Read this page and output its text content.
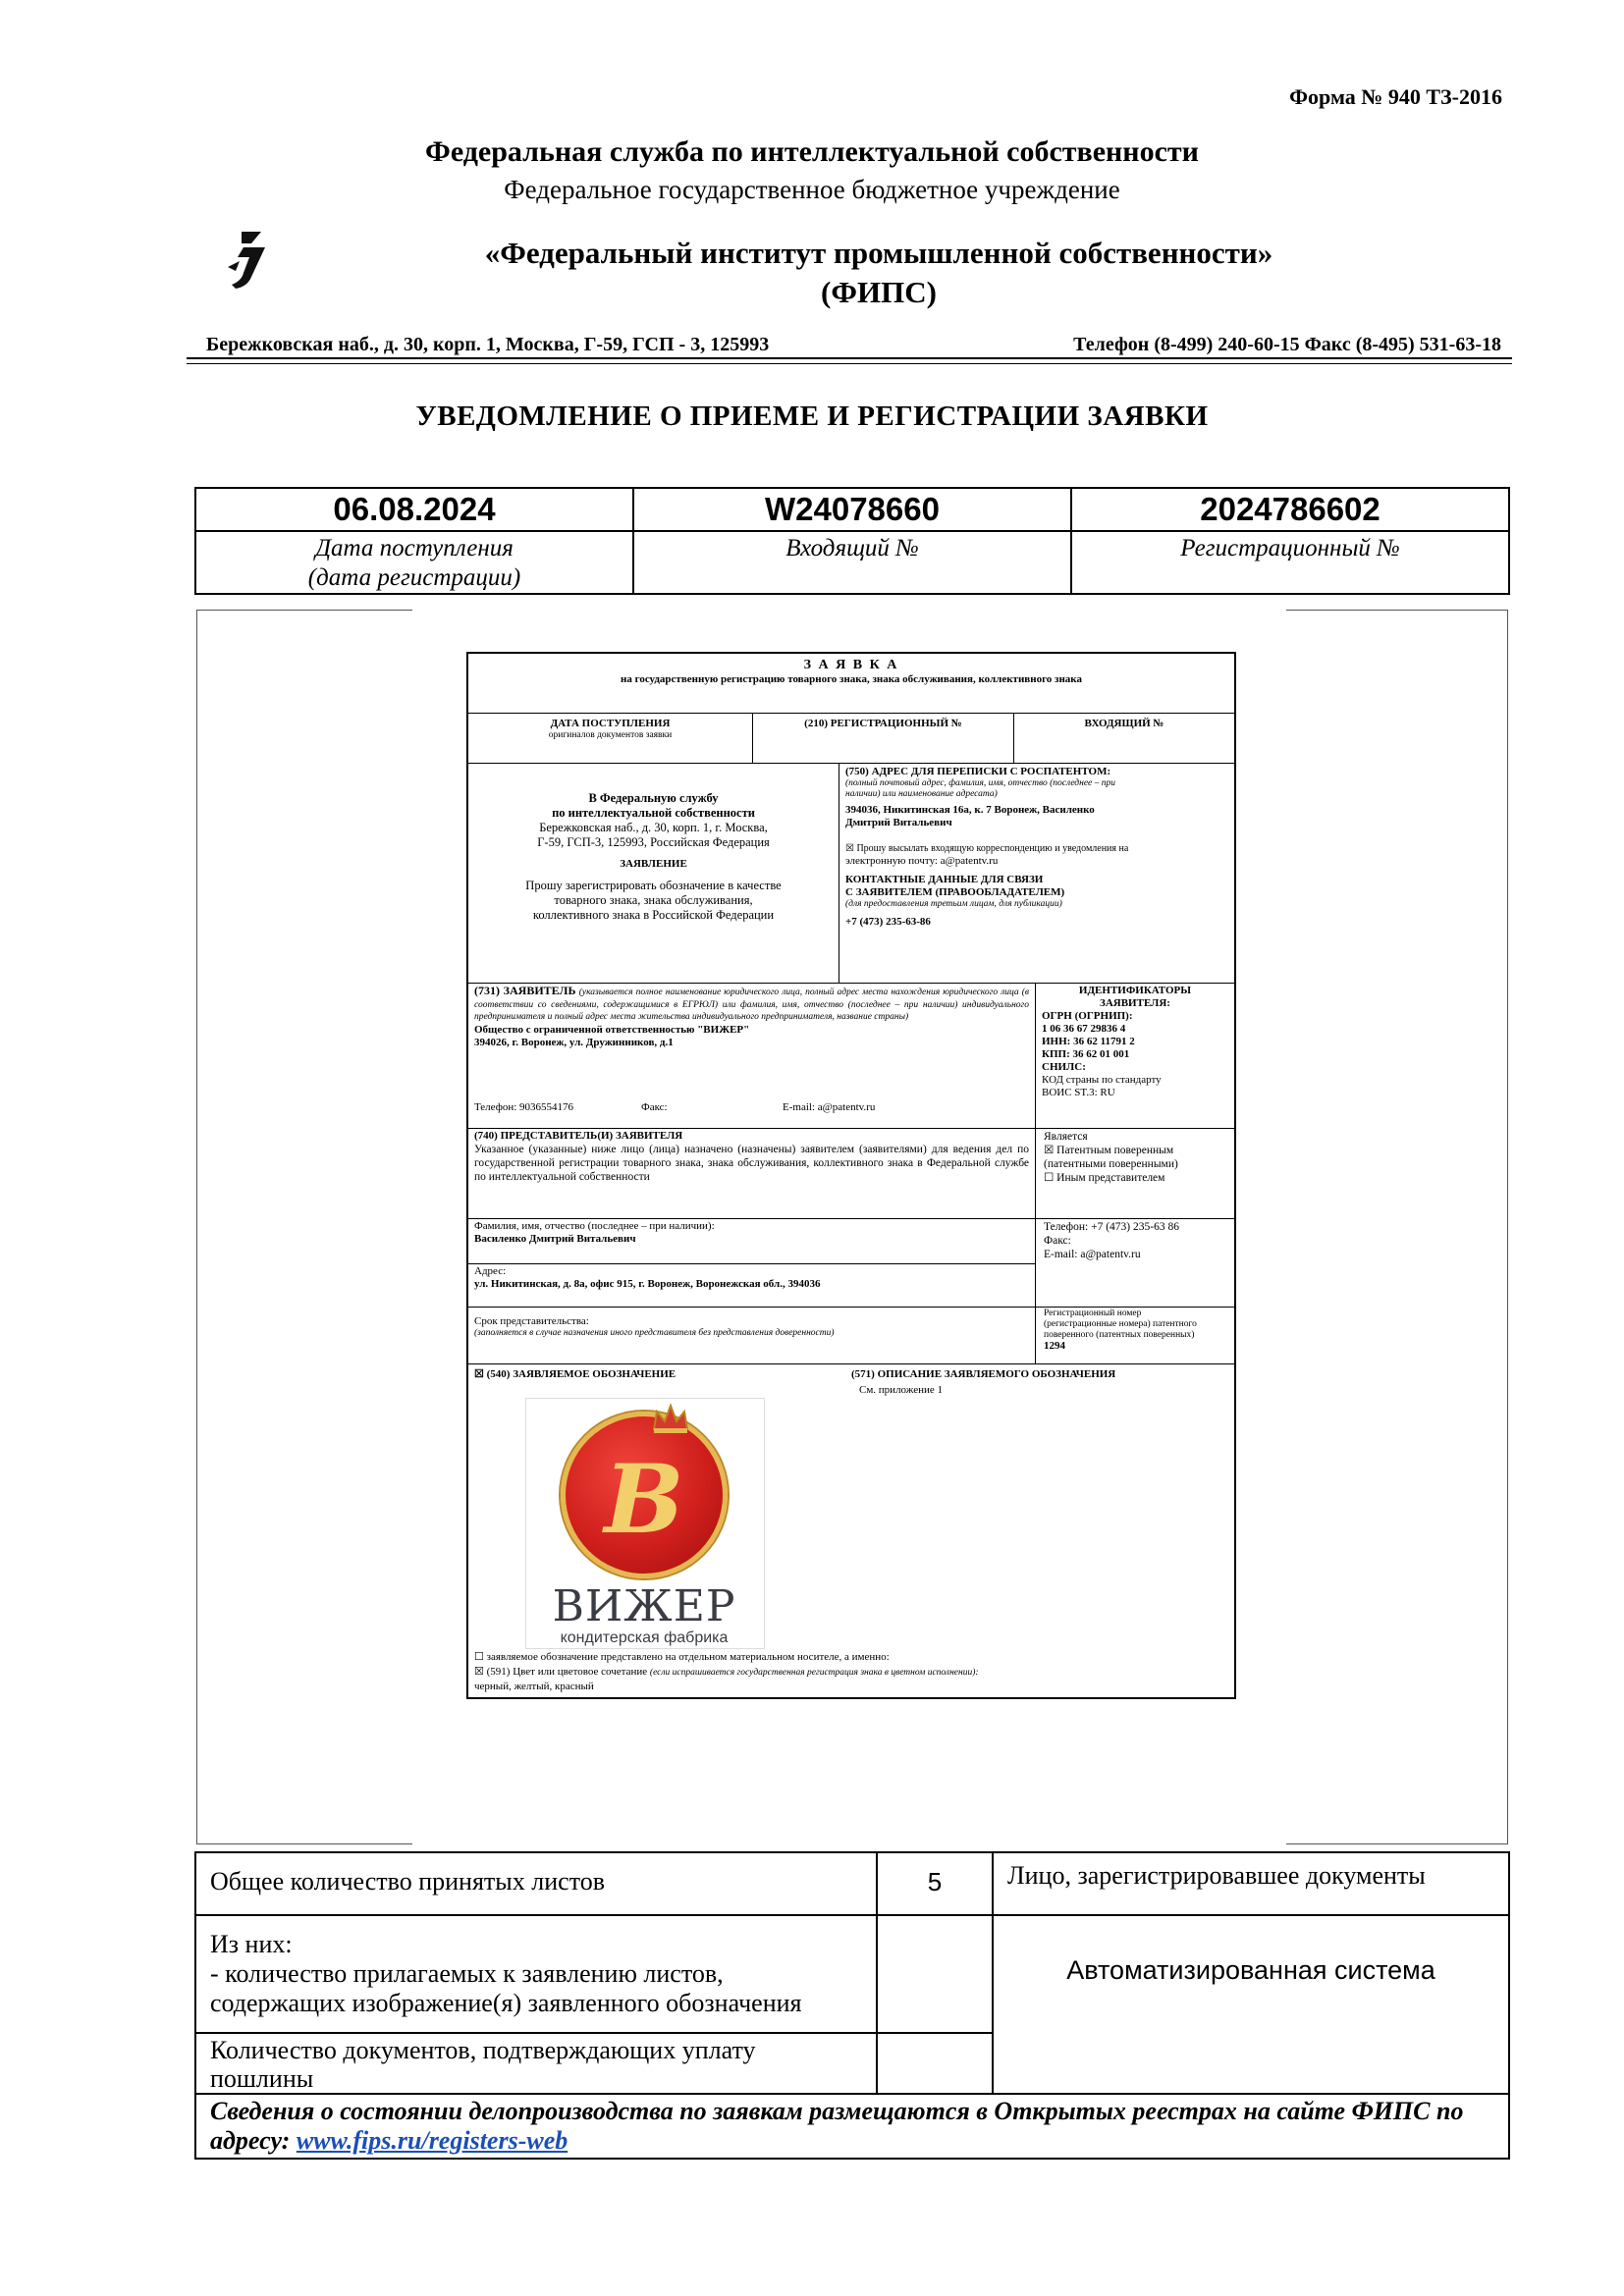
Форма № 940 ТЗ-2016
Федеральная служба по интеллектуальной собственности
Федеральное государственное бюджетное учреждение
«Федеральный институт промышленной собственности»
(ФИПС)
Бережковская наб., д. 30, корп. 1, Москва, Г-59, ГСП - 3, 125993	Телефон (8-499) 240-60-15 Факс (8-495) 531-63-18
УВЕДОМЛЕНИЕ О ПРИЕМЕ И РЕГИСТРАЦИИ ЗАЯВКИ
06.08.2024	W24078660	2024786602

Дата поступления
(дата регистрации)	Входящий №	Регистрационный №
З А Я В К А
на государственную регистрацию товарного знака, знака обслуживания, коллективного знака
ДАТА ПОСТУПЛЕНИЯ
оригиналов документов заявки
(210) РЕГИСТРАЦИОННЫЙ №	ВХОДЯЩИЙ №
В Федеральную службу
по интеллектуальной собственности
Бережковская наб., д. 30, корп. 1, г. Москва,
Г-59, ГСП-3, 125993, Российская Федерация
ЗАЯВЛЕНИЕ
Прошу зарегистрировать обозначение в качестве
товарного знака, знака обслуживания,
коллективного знака в Российской Федерации
(750) АДРЕС ДЛЯ ПЕРЕПИСКИ С РОСПАТЕНТОМ:
(полный почтовый адрес, фамилия, имя, отчество (последнее – при
наличии) или наименование адресата)
394036, Никитинская 16а, к. 7 Воронеж, Василенко
Дмитрий Витальевич
☒ Прошу высылать входящую корреспонденцию и уведомления на
электронную почту: a@patentv.ru
КОНТАКТНЫЕ ДАННЫЕ ДЛЯ СВЯЗИ
С ЗАЯВИТЕЛЕМ (ПРАВООБЛАДАТЕЛЕМ)
(для предоставления третьим лицам, для публикации)
+7 (473) 235-63-86
(731) ЗАЯВИТЕЛЬ (указывается полное наименование юридического лица, полный адрес места нахождения юридического лица (в соответствии со сведениями, содержащимися в ЕГРЮЛ) или фамилия, имя, отчество (последнее – при наличии) индивидуального предпринимателя и полный адрес места жительства индивидуального предпринимателя, название страны)
Общество с ограниченной ответственностью "ВИЖЕР"
394026, г. Воронеж, ул. Дружинников, д.1
Телефон: 9036554176	Факс:	E-mail: a@patentv.ru
ИДЕНТИФИКАТОРЫ
ЗАЯВИТЕЛЯ:
ОГРН (ОГРНИП):
1 06 36 67 29836 4
ИНН: 36 62 11791 2
КПП: 36 62 01 001
СНИЛС:
КОД страны по стандарту
ВОИС ST.3: RU
(740) ПРЕДСТАВИТЕЛЬ(И) ЗАЯВИТЕЛЯ
Указанное (указанные) ниже лицо (лица) назначено (назначены) заявителем (заявителями) для ведения дел по государственной регистрации товарного знака, знака обслуживания, коллективного знака в Федеральной службе по интеллектуальной собственности
Является
☒ Патентным поверенным
(патентными поверенными)
☐ Иным представителем
Фамилия, имя, отчество (последнее – при наличии):
Василенко Дмитрий Витальевич
Телефон: +7 (473) 235-63 86
Факс:
E-mail: a@patentv.ru
Адрес:
ул. Никитинская, д. 8а, офис 915, г. Воронеж, Воронежская обл., 394036
Срок представительства:
(заполняется в случае назначения иного представителя без представления доверенности)
Регистрационный номер
(регистрационные номера) патентного
поверенного (патентных поверенных)
1294
☒ (540) ЗАЯВЛЯЕМОЕ ОБОЗНАЧЕНИЕ	(571) ОПИСАНИЕ ЗАЯВЛЯЕМОГО ОБОЗНАЧЕНИЯ
См. приложение 1
☐ заявляемое обозначение представлено на отдельном материальном носителе, а именно:
☒ (591) Цвет или цветовое сочетание (если испрашивается государственная регистрация знака в цветном исполнении):
черный, желтый, красный
B
ВИЖЕР
кондитерская фабрика
Общее количество принятых листов	5	Лицо, зарегистрировавшее документы

Из них:
- количество прилагаемых к заявлению листов,
содержащих изображение(я) заявленного обозначения		Автоматизированная система

Количество документов, подтверждающих уплату
пошлины		

Сведения о состоянии делопроизводства по заявкам размещаются в Открытых реестрах на сайте ФИПС по
адресу: www.fips.ru/registers-web		
